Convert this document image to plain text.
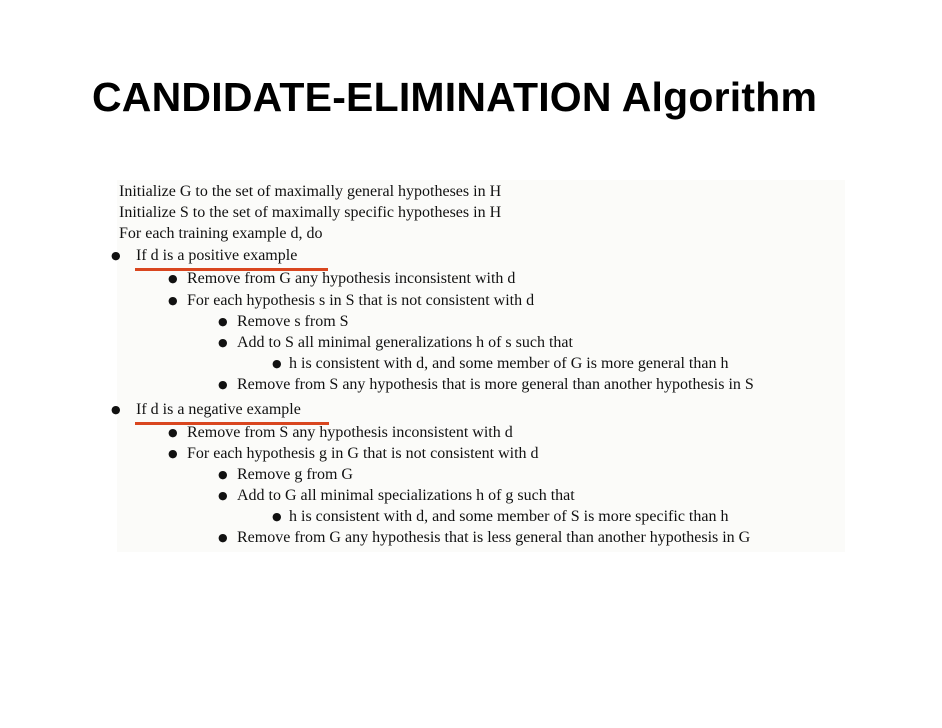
CANDIDATE-ELIMINATION Algorithm
Initialize G to the set of maximally general hypotheses in H
Initialize S to the set of maximally specific hypotheses in H
For each training example d, do
● If d is a positive example
● Remove from G any hypothesis inconsistent with d
● For each hypothesis s in S that is not consistent with d
● Remove s from S
● Add to S all minimal generalizations h of s such that
● h is consistent with d, and some member of G is more general than h
● Remove from S any hypothesis that is more general than another hypothesis in S
● If d is a negative example
● Remove from S any hypothesis inconsistent with d
● For each hypothesis g in G that is not consistent with d
● Remove g from G
● Add to G all minimal specializations h of g such that
● h is consistent with d, and some member of S is more specific than h
● Remove from G any hypothesis that is less general than another hypothesis in G
